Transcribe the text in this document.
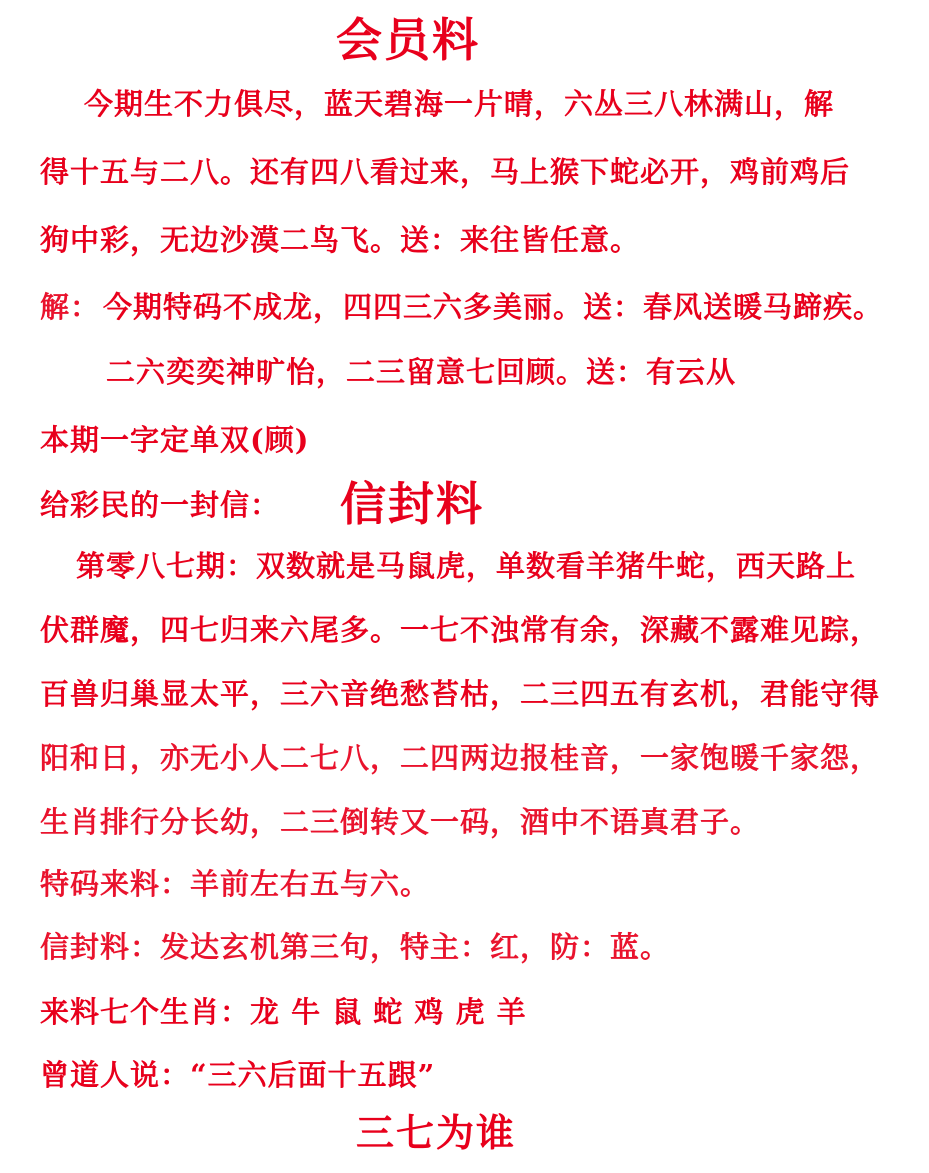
会员料
今期生不力俱尽，蓝天碧海一片晴，六丛三八林满山，解
得十五与二八。还有四八看过来，马上猴下蛇必开，鸡前鸡后
狗中彩，无边沙漠二鸟飞。送：来往皆任意。
解： 今期特码不成龙，四四三六多美丽。送：春风送暖马蹄疾。
二六奕奕神旷怡，二三留意七回顾。送：有云从
本期一字定单双(顾)
给彩民的一封信： 信封料
第零八七期：双数就是马鼠虎，单数看羊猪牛蛇，西天路上
伏群魔，四七归来六尾多。一七不浊常有余，深藏不露难见踪，
百兽归巢显太平，三六音绝愁苔枯，二三四五有玄机，君能守得
阳和日，亦无小人二七八，二四两边报桂音，一家饱暖千家怨，
生肖排行分长幼，二三倒转又一码，酒中不语真君子。
特码来料：羊前左右五与六。
信封料：发达玄机第三句，特主：红，防：蓝。
来料七个生肖：龙 牛 鼠 蛇 鸡 虎 羊
曾道人说：“三六后面十五跟”
三七为谁
